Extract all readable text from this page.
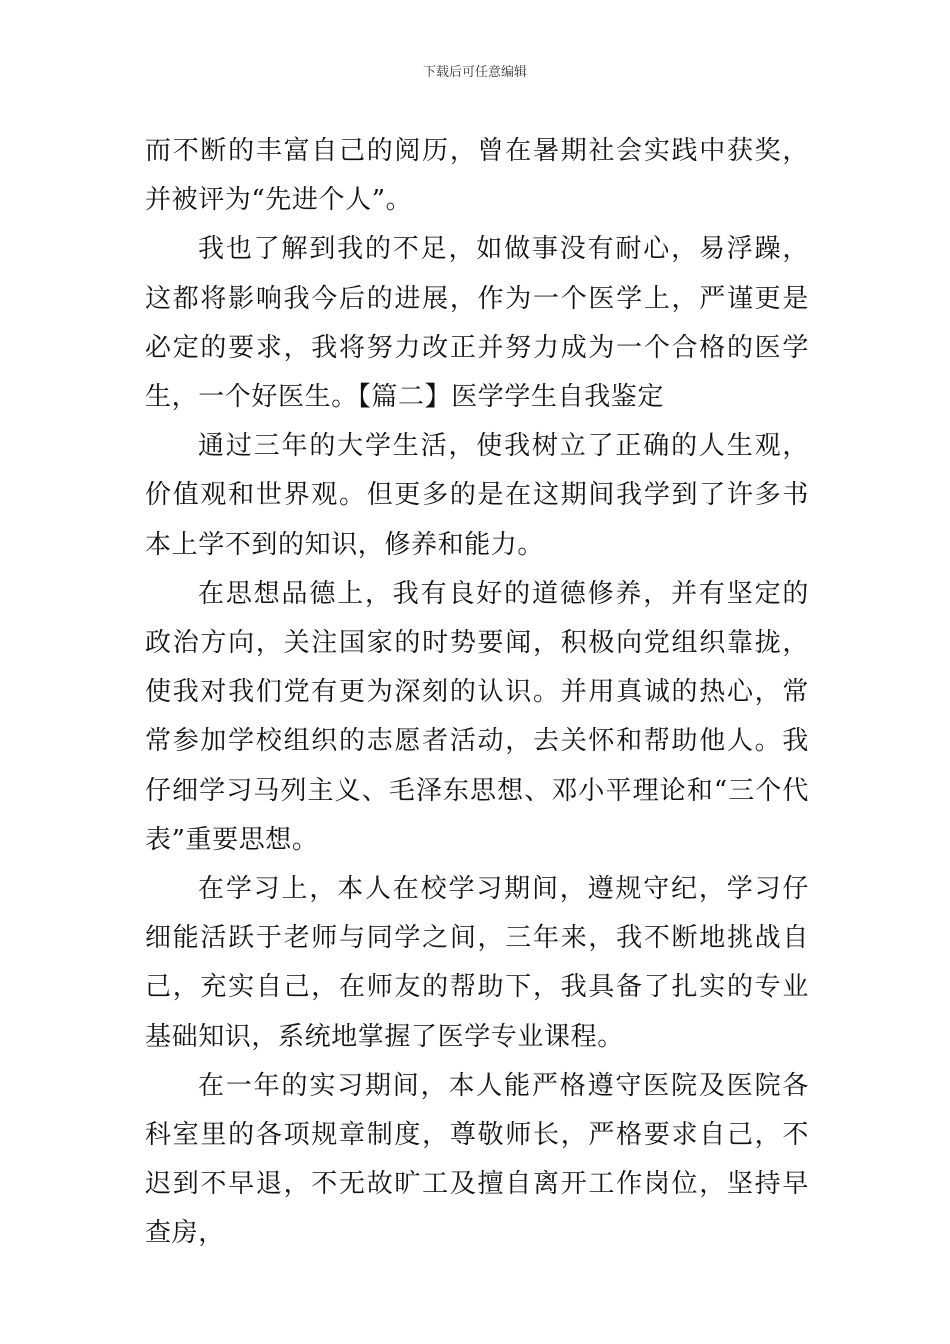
下载后可任意编辑

而不断的丰富自己的阅历，曾在暑期社会实践中获奖，并被评为“先进个人”。

我也了解到我的不足，如做事没有耐心，易浮躁，这都将影响我今后的进展，作为一个医学上，严谨更是必定的要求，我将努力改正并努力成为一个合格的医学生，一个好医生。【篇二】医学学生自我鉴定

通过三年的大学生活，使我树立了正确的人生观，价值观和世界观。但更多的是在这期间我学到了许多书本上学不到的知识，修养和能力。

在思想品德上，我有良好的道德修养，并有坚定的政治方向，关注国家的时势要闻，积极向党组织靠拢，使我对我们党有更为深刻的认识。并用真诚的热心，常常参加学校组织的志愿者活动，去关怀和帮助他人。我仔细学习马列主义、毛泽东思想、邓小平理论和“三个代表”重要思想。

在学习上，本人在校学习期间，遵规守纪，学习仔细能活跃于老师与同学之间，三年来，我不断地挑战自己，充实自己，在师友的帮助下，我具备了扎实的专业基础知识，系统地掌握了医学专业课程。

在一年的实习期间，本人能严格遵守医院及医院各科室里的各项规章制度，尊敬师长，严格要求自己，不迟到不早退，不无故旷工及擅自离开工作岗位，坚持早查房，
